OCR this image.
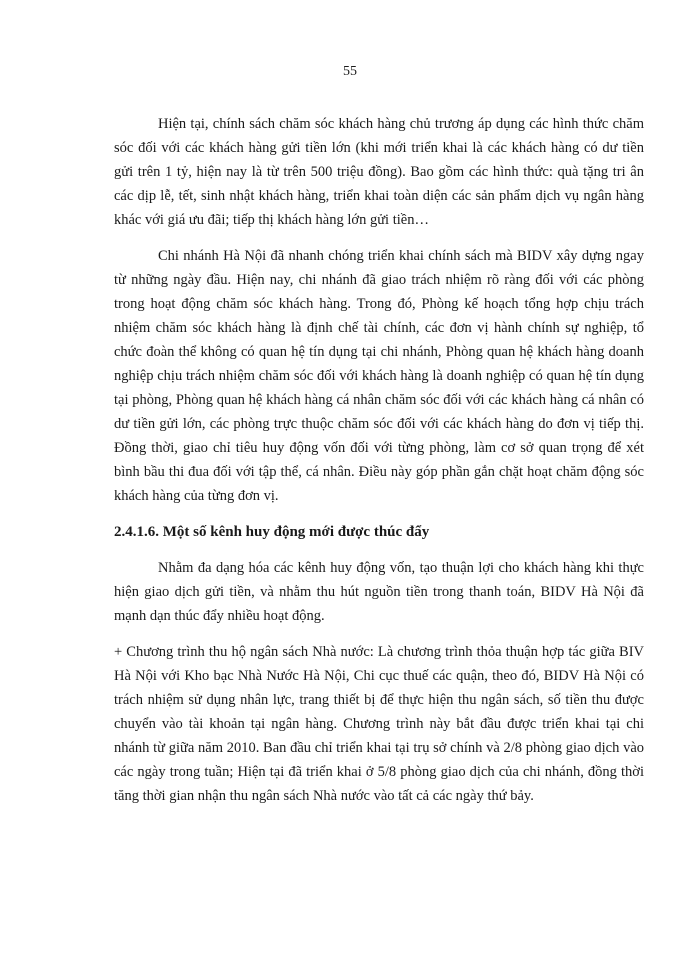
55

Hiện tại, chính sách chăm sóc khách hàng chủ trương áp dụng các hình thức chăm sóc đối với các khách hàng gửi tiền lớn (khi mới triển khai là các khách hàng có dư tiền gửi trên 1 tỷ, hiện nay là từ trên 500 triệu đồng). Bao gồm các hình thức: quà tặng tri ân các dịp lễ, tết, sinh nhật khách hàng, triển khai toàn diện các sản phẩm dịch vụ ngân hàng khác với giá ưu đãi; tiếp thị khách hàng lớn gửi tiền…

Chi nhánh Hà Nội đã nhanh chóng triển khai chính sách mà BIDV xây dựng ngay từ những ngày đầu. Hiện nay, chi nhánh đã giao trách nhiệm rõ ràng đối với các phòng trong hoạt động chăm sóc khách hàng. Trong đó, Phòng kế hoạch tổng hợp chịu trách nhiệm chăm sóc khách hàng là định chế tài chính, các đơn vị hành chính sự nghiệp, tổ chức đoàn thể không có quan hệ tín dụng tại chi nhánh, Phòng quan hệ khách hàng doanh nghiệp chịu trách nhiệm chăm sóc đối với khách hàng là doanh nghiệp có quan hệ tín dụng tại phòng, Phòng quan hệ khách hàng cá nhân chăm sóc đối với các khách hàng cá nhân có dư tiền gửi lớn, các phòng trực thuộc chăm sóc đối với các khách hàng do đơn vị tiếp thị. Đồng thời, giao chỉ tiêu huy động vốn đối với từng phòng, làm cơ sở quan trọng để xét bình bầu thi đua đối với tập thể, cá nhân. Điều này góp phần gắn chặt hoạt chăm động sóc khách hàng của từng đơn vị.

2.4.1.6. Một số kênh huy động mới được thúc đẩy

Nhằm đa dạng hóa các kênh huy động vốn, tạo thuận lợi cho khách hàng khi thực hiện giao dịch gửi tiền, và nhằm thu hút nguồn tiền trong thanh toán, BIDV Hà Nội đã mạnh dạn thúc đẩy nhiều hoạt động.

+ Chương trình thu hộ ngân sách Nhà nước: Là chương trình thỏa thuận hợp tác giữa BIV Hà Nội với Kho bạc Nhà Nước Hà Nội, Chi cục thuế các quận, theo đó, BIDV Hà Nội có trách nhiệm sử dụng nhân lực, trang thiết bị để thực hiện thu ngân sách, số tiền thu được chuyển vào tài khoản tại ngân hàng. Chương trình này bắt đầu được triển khai tại chi nhánh từ giữa năm 2010. Ban đầu chỉ triển khai tại trụ sở chính và 2/8 phòng giao dịch vào các ngày trong tuần; Hiện tại đã triển khai ở 5/8 phòng giao dịch của chi nhánh, đồng thời tăng thời gian nhận thu ngân sách Nhà nước vào tất cả các ngày thứ bảy.
